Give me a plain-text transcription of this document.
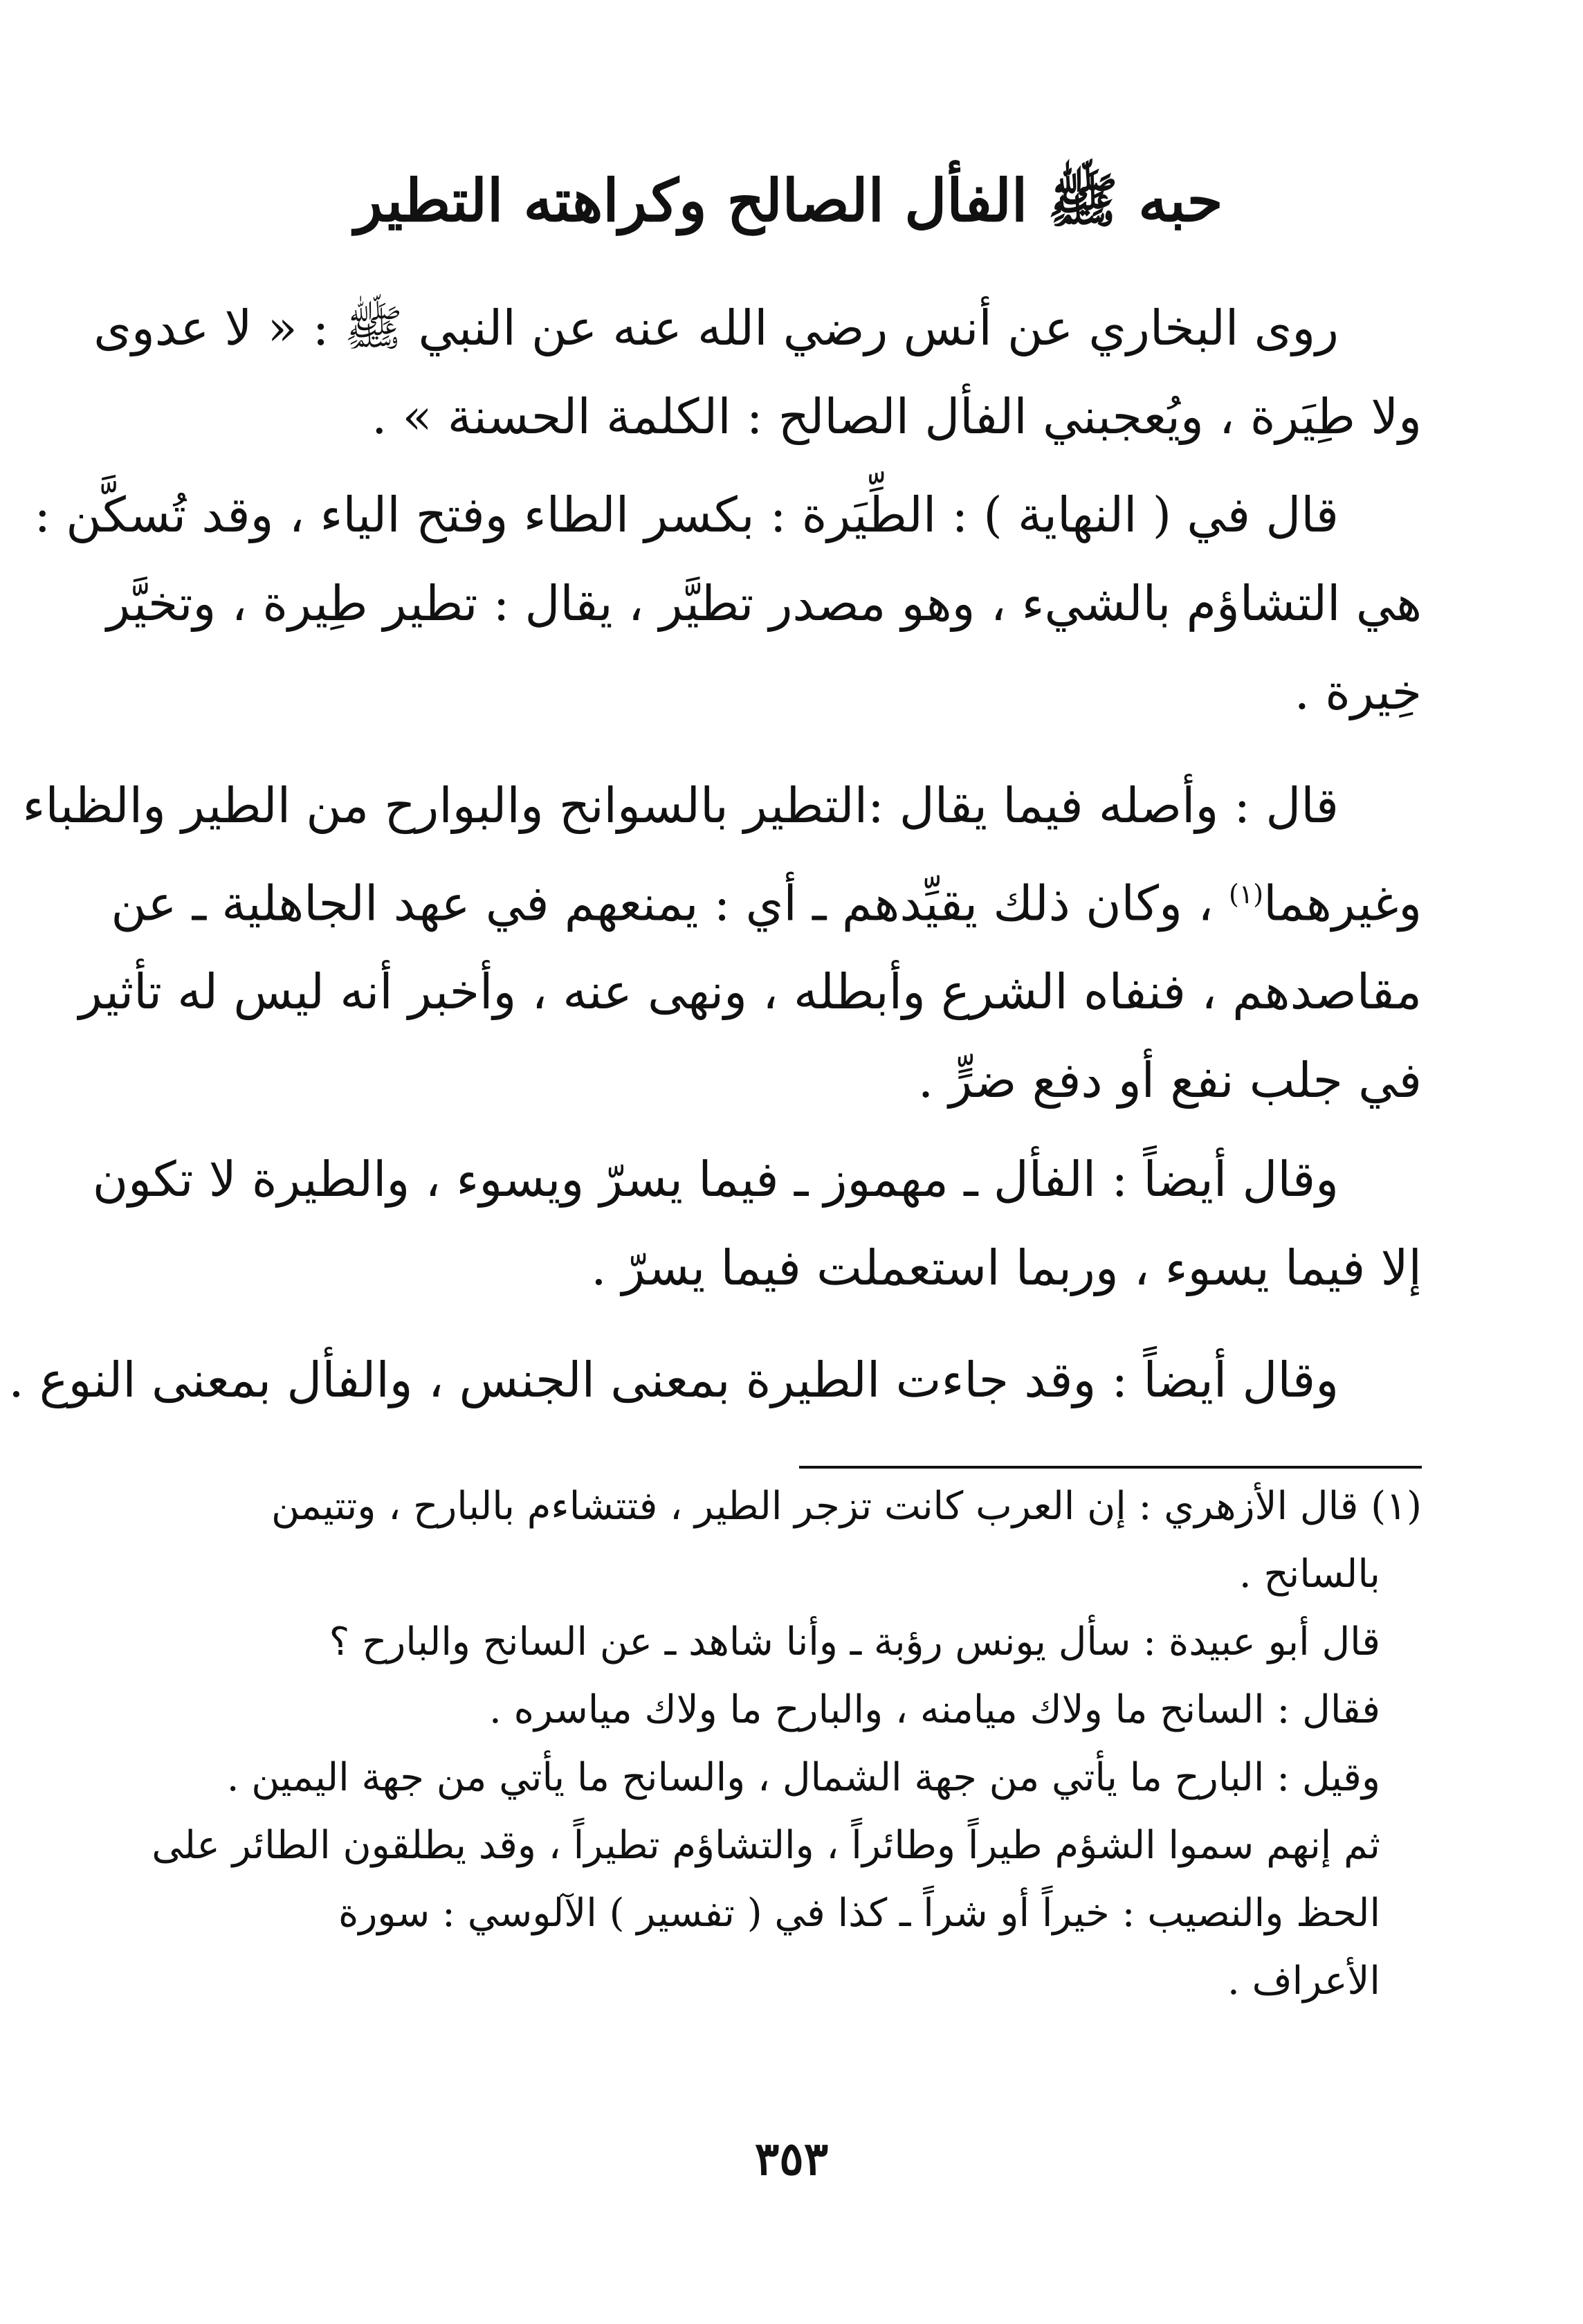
حبه ﷺ الفأل الصالح وكراهته التطير
روى البخاري عن أنس رضي الله عنه عن النبي ﷺ : « لا عدوى
ولا طِيَرة ، ويُعجبني الفأل الصالح : الكلمة الحسنة » .
قال في ( النهاية ) : الطِّيَرة : بكسر الطاء وفتح الياء ، وقد تُسكَّن :
هي التشاؤم بالشيء ، وهو مصدر تطيَّر ، يقال : تطير طِيرة ، وتخيَّر
خِيرة .
قال : وأصله فيما يقال :التطير بالسوانح والبوارح من الطير والظباء
وغيرهما$^{(١)}$ ، وكان ذلك يقيِّدهم ـ أي : يمنعهم في عهد الجاهلية ـ عن
مقاصدهم ، فنفاه الشرع وأبطله ، ونهى عنه ، وأخبر أنه ليس له تأثير
في جلب نفع أو دفع ضرٍّ .
وقال أيضاً : الفأل ـ مهموز ـ فيما يسرّ ويسوء ، والطيرة لا تكون
إلا فيما يسوء ، وربما استعملت فيما يسرّ .
وقال أيضاً : وقد جاءت الطيرة بمعنى الجنس ، والفأل بمعنى النوع .
(١) قال الأزهري : إن العرب كانت تزجر الطير ، فتتشاءم بالبارح ، وتتيمن
بالسانح .
قال أبو عبيدة : سأل يونس رؤبة ـ وأنا شاهد ـ عن السانح والبارح ؟
فقال : السانح ما ولاك ميامنه ، والبارح ما ولاك مياسره .
وقيل : البارح ما يأتي من جهة الشمال ، والسانح ما يأتي من جهة اليمين .
ثم إنهم سموا الشؤم طيراً وطائراً ، والتشاؤم تطيراً ، وقد يطلقون الطائر على
الحظ والنصيب : خيراً أو شراً ـ كذا في ( تفسير ) الآلوسي : سورة
الأعراف .
٣٥٣
